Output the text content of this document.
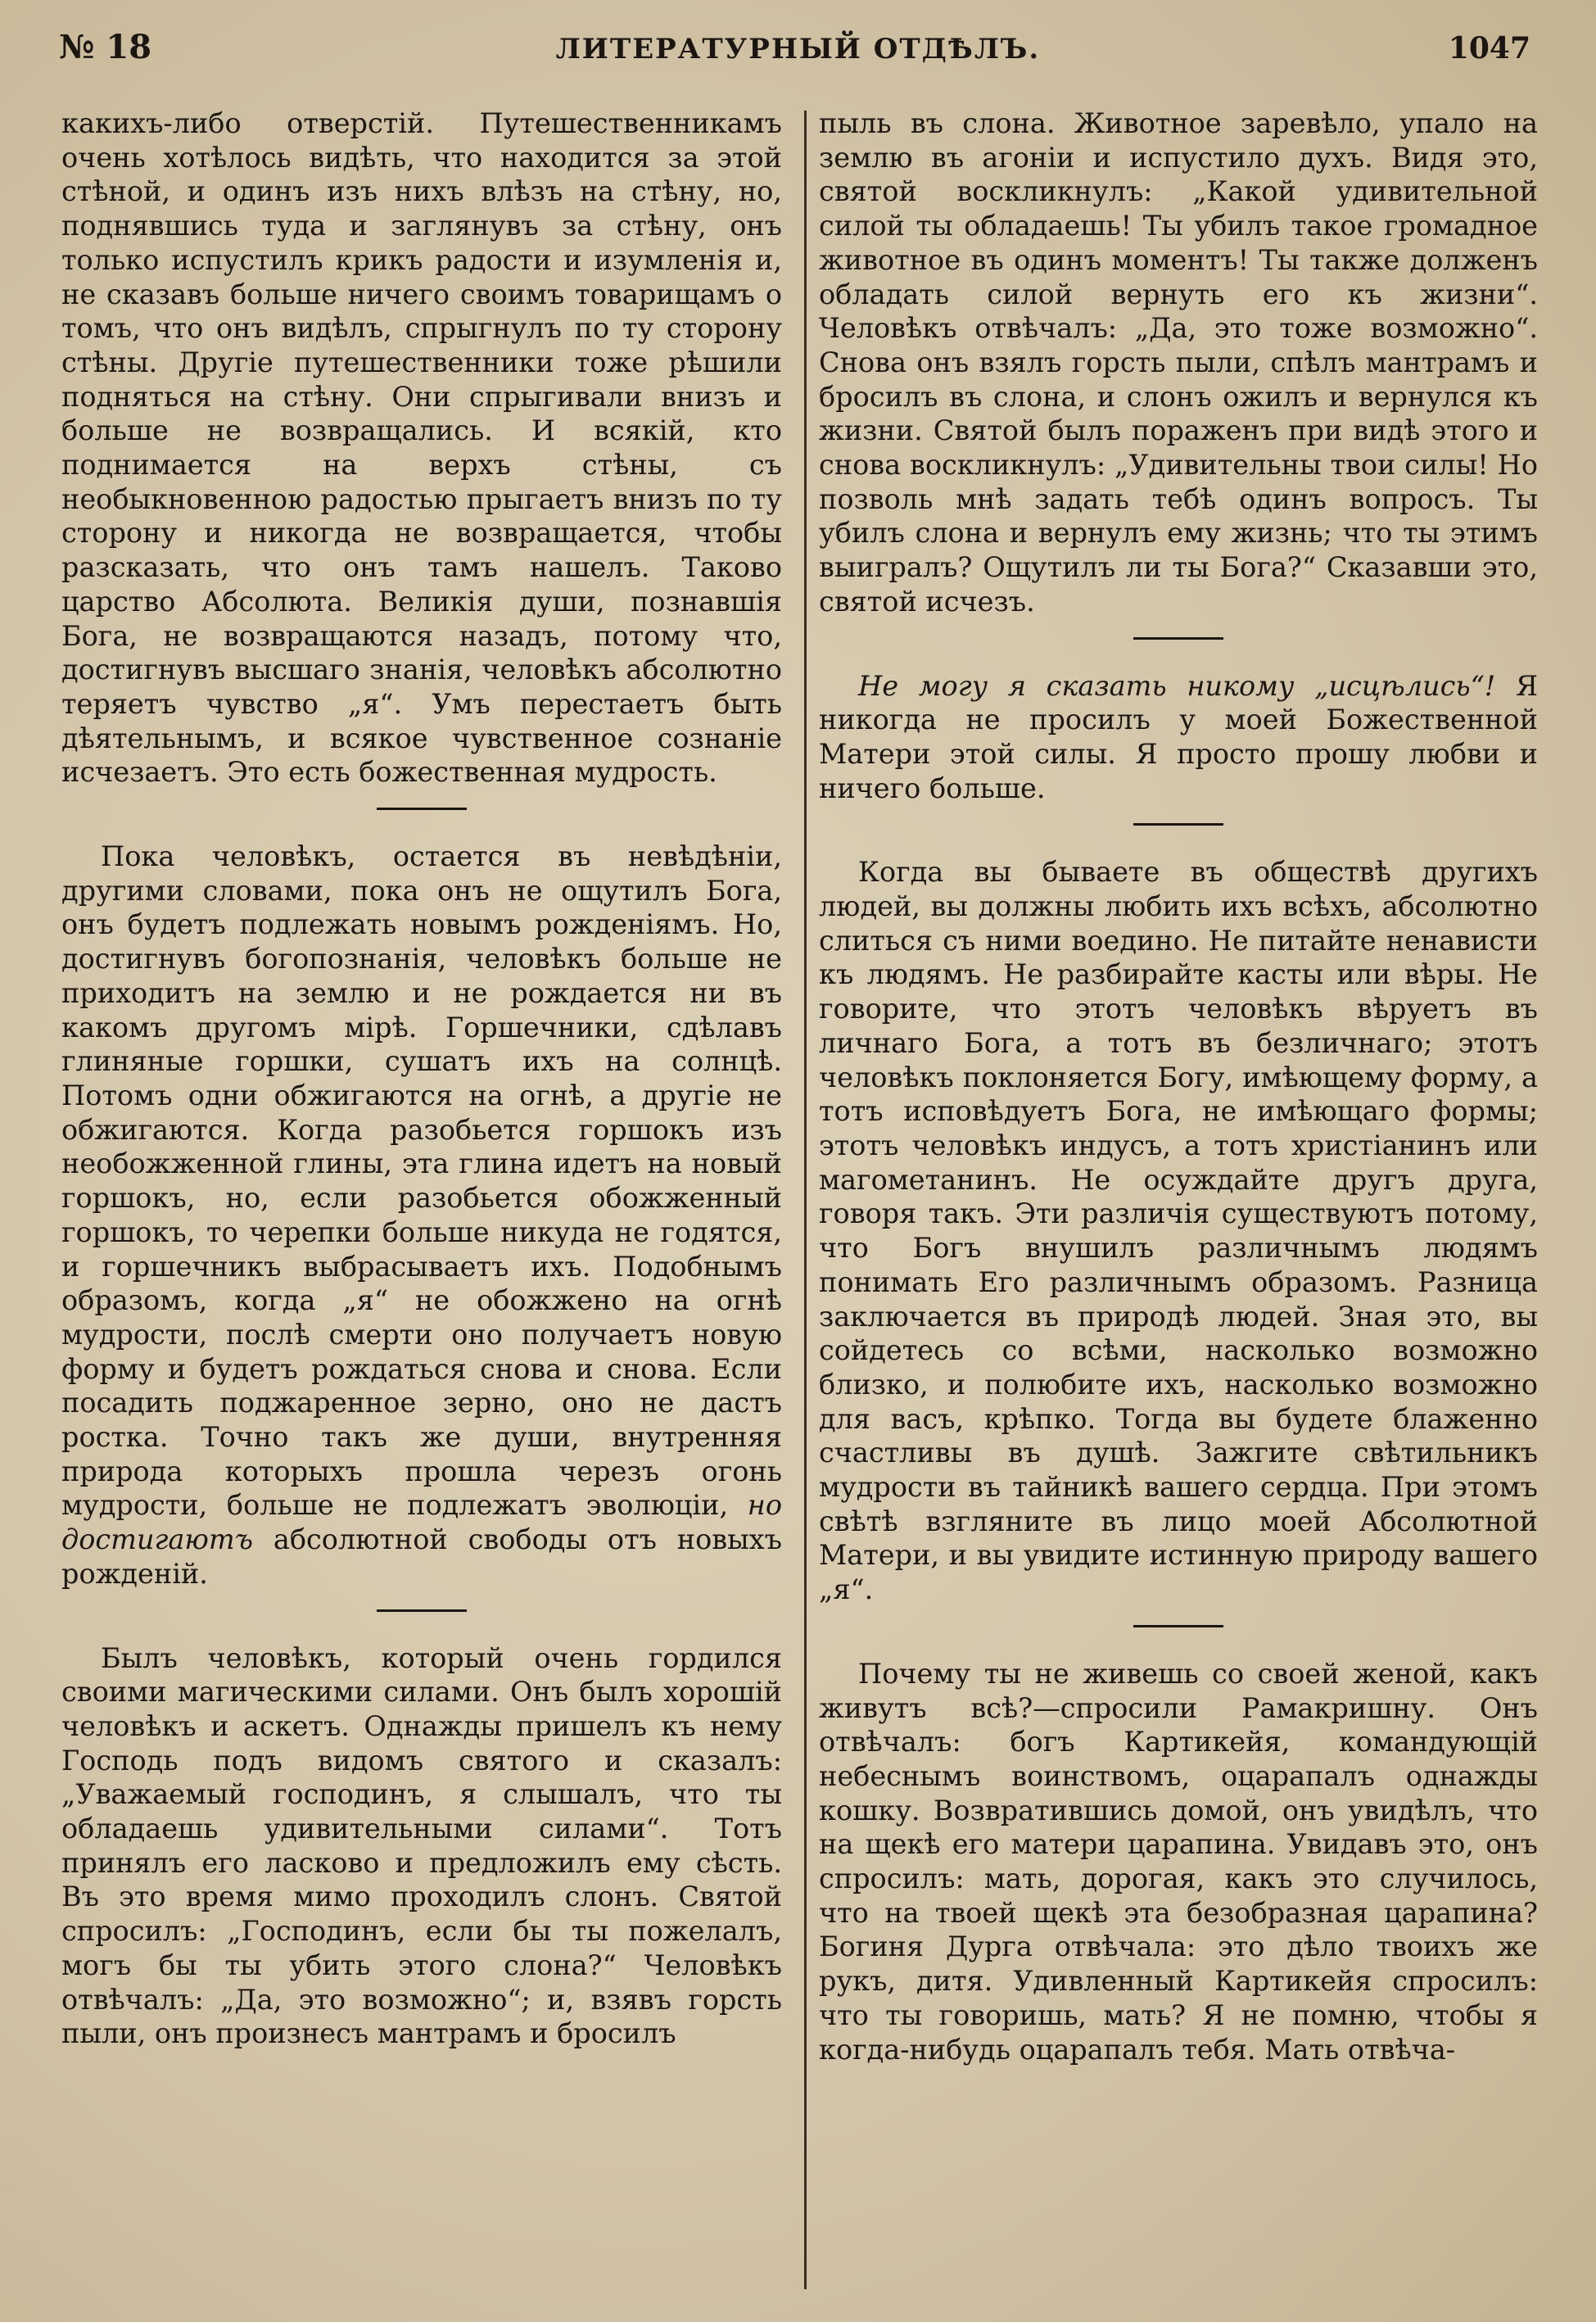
№ 18	ЛИТЕРАТУРНЫЙ ОТДѢЛЪ.	1047

какихъ-либо отверстій. Путешественникамъ очень хотѣлось видѣть, что находится за этой стѣной, и одинъ изъ нихъ влѣзъ на стѣну, но, поднявшись туда и заглянувъ за стѣну, онъ только испустилъ крикъ радости и изумленія и, не сказавъ больше ничего своимъ товарищамъ о томъ, что онъ видѣлъ, спрыгнулъ по ту сторону стѣны. Другіе путешественники тоже рѣшили подняться на стѣну. Они спрыгивали внизъ и больше не возвращались. И всякій, кто поднимается на верхъ стѣны, съ необыкновенною радостью прыгаетъ внизъ по ту сторону и никогда не возвращается, чтобы разсказать, что онъ тамъ нашелъ. Таково царство Абсолюта. Великія души, познавшія Бога, не возвращаются назадъ, потому что, достигнувъ высшаго знанія, человѣкъ абсолютно теряетъ чувство „я“. Умъ перестаетъ быть дѣятельнымъ, и всякое чувственное сознаніе исчезаетъ. Это есть божественная мудрость.

Пока человѣкъ, остается въ невѣдѣніи, другими словами, пока онъ не ощутилъ Бога, онъ будетъ подлежать новымъ рожденіямъ. Но, достигнувъ богопознанія, человѣкъ больше не приходитъ на землю и не рождается ни въ какомъ другомъ мірѣ. Горшечники, сдѣлавъ глиняные горшки, сушатъ ихъ на солнцѣ. Потомъ одни обжигаются на огнѣ, а другіе не обжигаются. Когда разобьется горшокъ изъ необожженной глины, эта глина идетъ на новый горшокъ, но, если разобьется обожженный горшокъ, то черепки больше никуда не годятся, и горшечникъ выбрасываетъ ихъ. Подобнымъ образомъ, когда „я“ не обожжено на огнѣ мудрости, послѣ смерти оно получаетъ новую форму и будетъ рождаться снова и снова. Если посадить поджаренное зерно, оно не дастъ ростка. Точно такъ же души, внутренняя природа которыхъ прошла черезъ огонь мудрости, больше не подлежатъ эволюціи, но достигаютъ абсолютной свободы отъ новыхъ рожденій.

Былъ человѣкъ, который очень гордился своими магическими силами. Онъ былъ хорошій человѣкъ и аскетъ. Однажды пришелъ къ нему Господь подъ видомъ святого и сказалъ: „Уважаемый господинъ, я слышалъ, что ты обладаешь удивительными силами“. Тотъ принялъ его ласково и предложилъ ему сѣсть. Въ это время мимо проходилъ слонъ. Святой спросилъ: „Господинъ, если бы ты пожелалъ, могъ бы ты убить этого слона?“ Человѣкъ отвѣчалъ: „Да, это возможно“; и, взявъ горсть пыли, онъ произнесъ мантрамъ и бросилъ

пыль въ слона. Животное заревѣло, упало на землю въ агоніи и испустило духъ. Видя это, святой воскликнулъ: „Какой удивительной силой ты обладаешь! Ты убилъ такое громадное животное въ одинъ моментъ! Ты также долженъ обладать силой вернуть его къ жизни“. Человѣкъ отвѣчалъ: „Да, это тоже возможно“. Снова онъ взялъ горсть пыли, спѣлъ мантрамъ и бросилъ въ слона, и слонъ ожилъ и вернулся къ жизни. Святой былъ пораженъ при видѣ этого и снова воскликнулъ: „Удивительны твои силы! Но позволь мнѣ задать тебѣ одинъ вопросъ. Ты убилъ слона и вернулъ ему жизнь; что ты этимъ выигралъ? Ощутилъ ли ты Бога?“ Сказавши это, святой исчезъ.

Не могу я сказать никому „исцѣлись“! Я никогда не просилъ у моей Божественной Матери этой силы. Я просто прошу любви и ничего больше.

Когда вы бываете въ обществѣ другихъ людей, вы должны любить ихъ всѣхъ, абсолютно слиться съ ними воедино. Не питайте ненависти къ людямъ. Не разбирайте касты или вѣры. Не говорите, что этотъ человѣкъ вѣруетъ въ личнаго Бога, а тотъ въ безличнаго; этотъ человѣкъ поклоняется Богу, имѣющему форму, а тотъ исповѣдуетъ Бога, не имѣющаго формы; этотъ человѣкъ индусъ, а тотъ христіанинъ или магометанинъ. Не осуждайте другъ друга, говоря такъ. Эти различія существуютъ потому, что Богъ внушилъ различнымъ людямъ понимать Его различнымъ образомъ. Разница заключается въ природѣ людей. Зная это, вы сойдетесь со всѣми, насколько возможно близко, и полюбите ихъ, насколько возможно для васъ, крѣпко. Тогда вы будете блаженно счастливы въ душѣ. Зажгите свѣтильникъ мудрости въ тайникѣ вашего сердца. При этомъ свѣтѣ взгляните въ лицо моей Абсолютной Матери, и вы увидите истинную природу вашего „я“.

Почему ты не живешь со своей женой, какъ живутъ всѣ?—спросили Рамакришну. Онъ отвѣчалъ: богъ Картикейя, командующій небеснымъ воинствомъ, оцарапалъ однажды кошку. Возвратившись домой, онъ увидѣлъ, что на щекѣ его матери царапина. Увидавъ это, онъ спросилъ: мать, дорогая, какъ это случилось, что на твоей щекѣ эта безобразная царапина? Богиня Дурга отвѣчала: это дѣло твоихъ же рукъ, дитя. Удивленный Картикейя спросилъ: что ты говоришь, мать? Я не помню, чтобы я когда-нибудь оцарапалъ тебя. Мать отвѣча-
